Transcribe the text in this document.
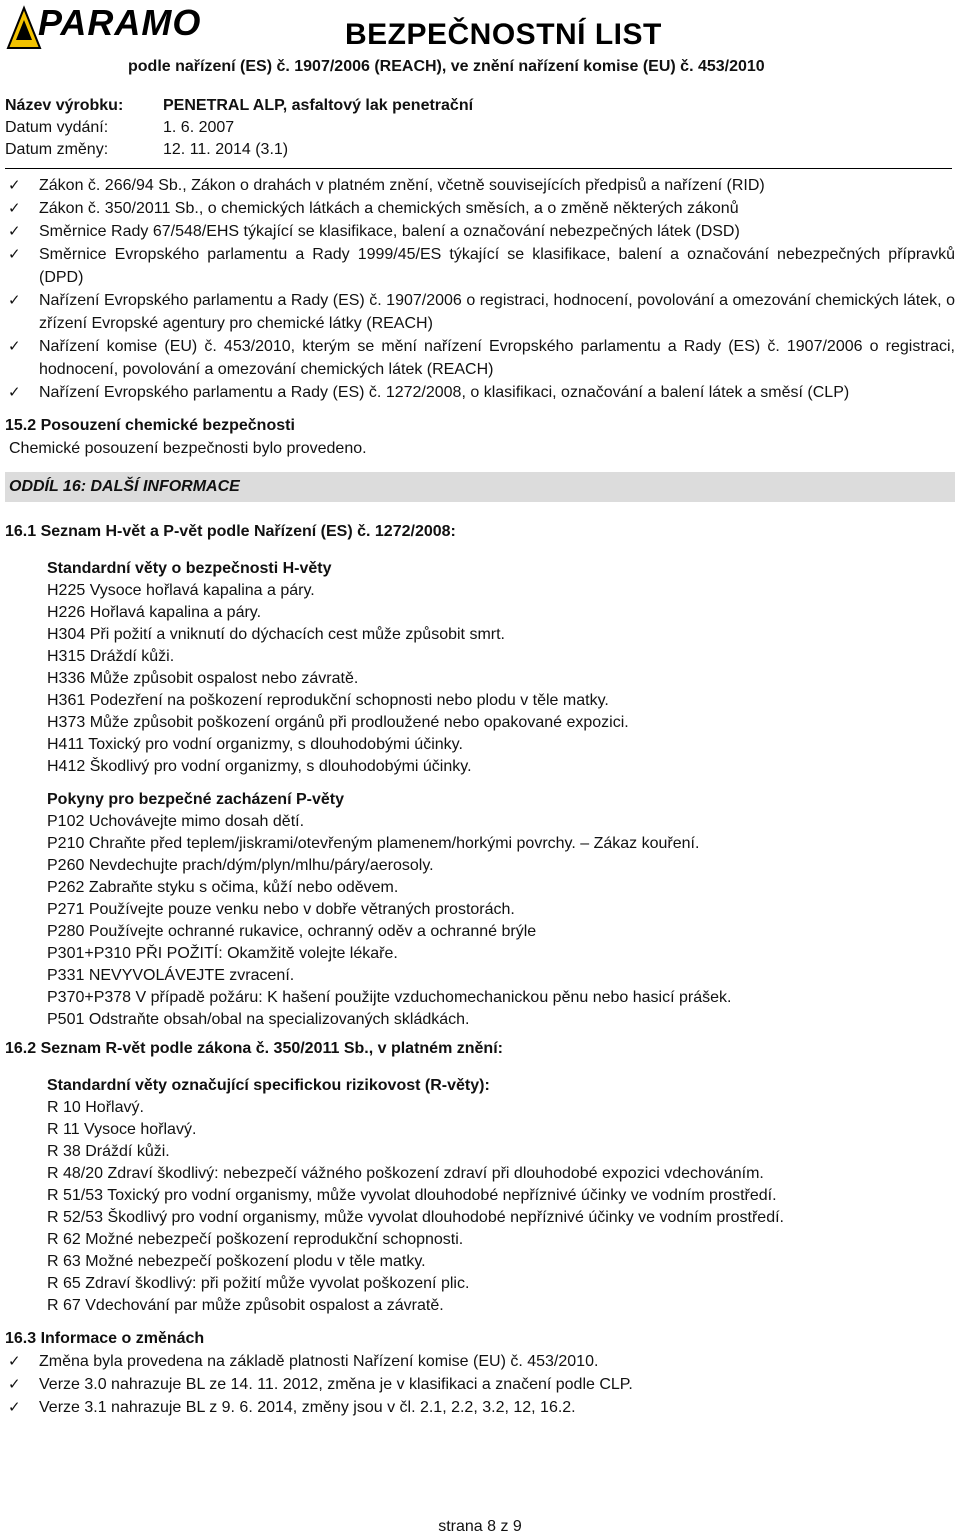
PARAMO	BEZPEČNOSTNÍ LIST
podle nařízení (ES) č. 1907/2006 (REACH), ve znění nařízení komise (EU) č. 453/2010
Název výrobku:	PENETRAL ALP, asfaltový lak penetrační
Datum vydání:	1. 6. 2007
Datum změny:	12. 11. 2014 (3.1)

✓ Zákon č. 266/94 Sb., Zákon o drahách v platném znění, včetně souvisejících předpisů a nařízení (RID)

✓ Zákon č. 350/2011 Sb., o chemických látkách a chemických směsích, a o změně některých zákonů

✓ Směrnice Rady 67/548/EHS týkající se klasifikace, balení a označování nebezpečných látek (DSD)

✓ Směrnice Evropského parlamentu a Rady 1999/45/ES týkající se klasifikace, balení a označování nebezpečných přípravků (DPD)

✓ Nařízení Evropského parlamentu a Rady (ES) č. 1907/2006 o registraci, hodnocení, povolování a omezování chemických látek, o zřízení Evropské agentury pro chemické látky (REACH)

✓ Nařízení komise (EU) č. 453/2010, kterým se mění nařízení Evropského parlamentu a Rady (ES) č. 1907/2006 o registraci, hodnocení, povolování a omezování chemických látek (REACH)

✓ Nařízení Evropského parlamentu a Rady (ES) č. 1272/2008, o klasifikaci, označování a balení látek a směsí (CLP)

15.2 Posouzení chemické bezpečnosti

Chemické posouzení bezpečnosti bylo provedeno.

ODDÍL 16: DALŠÍ INFORMACE

16.1 Seznam H-vět a P-vět podle Nařízení (ES) č. 1272/2008:

Standardní věty o bezpečnosti H-věty

H225 Vysoce hořlavá kapalina a páry.

H226 Hořlavá kapalina a páry.

H304 Při požití a vniknutí do dýchacích cest může způsobit smrt.

H315 Dráždí kůži.

H336 Může způsobit ospalost nebo závratě.

H361 Podezření na poškození reprodukční schopnosti nebo plodu v těle matky.

H373 Může způsobit poškození orgánů při prodloužené nebo opakované expozici.

H411 Toxický pro vodní organizmy, s dlouhodobými účinky.

H412 Škodlivý pro vodní organizmy, s dlouhodobými účinky.

Pokyny pro bezpečné zacházení P-věty

P102 Uchovávejte mimo dosah dětí.

P210 Chraňte před teplem/jiskrami/otevřeným plamenem/horkými povrchy. – Zákaz kouření.

P260 Nevdechujte prach/dým/plyn/mlhu/páry/aerosoly.

P262 Zabraňte styku s očima, kůží nebo oděvem.

P271 Používejte pouze venku nebo v dobře větraných prostorách.

P280 Používejte ochranné rukavice, ochranný oděv a ochranné brýle

P301+P310 PŘI POŽITÍ: Okamžitě volejte lékaře.

P331 NEVYVOLÁVEJTE zvracení.

P370+P378 V případě požáru: K hašení použijte vzduchomechanickou pěnu nebo hasicí prášek.

P501 Odstraňte obsah/obal na specializovaných skládkách.

16.2 Seznam R-vět podle zákona č. 350/2011 Sb., v platném znění:

Standardní věty označující specifickou rizikovost (R-věty):

R 10 Hořlavý.

R 11 Vysoce hořlavý.

R 38 Dráždí kůži.

R 48/20 Zdraví škodlivý: nebezpečí vážného poškození zdraví při dlouhodobé expozici vdechováním.

R 51/53 Toxický pro vodní organismy, může vyvolat dlouhodobé nepříznivé účinky ve vodním prostředí.

R 52/53 Škodlivý pro vodní organismy, může vyvolat dlouhodobé nepříznivé účinky ve vodním prostředí.

R 62 Možné nebezpečí poškození reprodukční schopnosti.

R 63 Možné nebezpečí poškození plodu v těle matky.

R 65 Zdraví škodlivý: při požití může vyvolat poškození plic.

R 67 Vdechování par může způsobit ospalost a závratě.

16.3 Informace o změnách

✓ Změna byla provedena na základě platnosti Nařízení komise (EU) č. 453/2010.

✓ Verze 3.0 nahrazuje BL ze 14. 11. 2012, změna je v klasifikaci a značení podle CLP.

✓ Verze 3.1 nahrazuje BL z 9. 6. 2014, změny jsou v čl. 2.1, 2.2, 3.2, 12, 16.2.

strana 8 z 9
